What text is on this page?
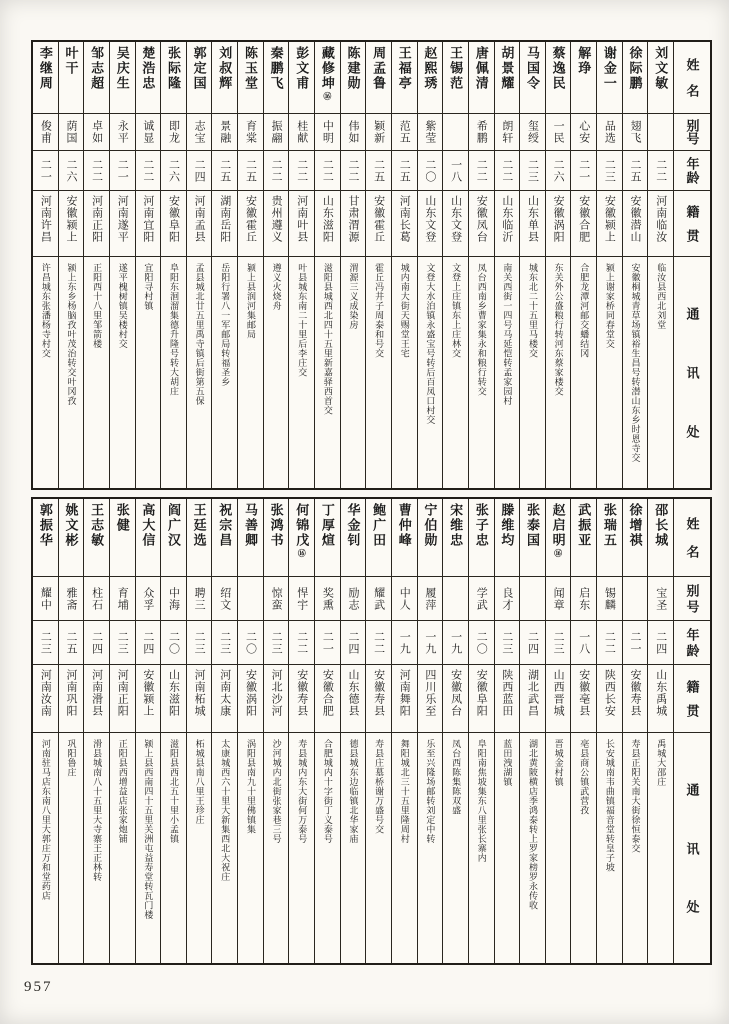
姓
名
别
号
年
龄
籍
贯
通
讯
处
刘文敏
二二
河南临汝
临汝县西北刘堂
徐际鹏
翅飞
二五
安徽潜山
安徽桐城青草场镇裕生昌号转潜山东乡时恩寺交
谢金一
品选
二三
安徽颍上
颍上谢家桥同春堂交
解琤
心安
二一
安徽合肥
合肥龙潭河邮交蟠结冈
蔡逸民
一民
二六
安徽涡阳
东关外公盛粮行转河东蔡家楼交
马国令
玺绶
二三
山东单县
城东北二十五里马楼交
胡景耀
朗轩
二二
山东临沂
南关西街一四号马延恺转孟家园村
唐佩清
希鹏
二二
安徽凤台
凤台西南乡曹家集永和粮行转交
王锡范
一八
山东文登
文登上庄镇东上庄林交
赵熙琇
紫莹
二〇
山东文登
文登大水泊镇永盛宝号转后百凤口村交
王福亭
范五
二五
河南长葛
城内南大街天赐堂王宅
周孟鲁
颖新
二五
安徽霍丘
霍丘冯井子周泰和号交
陈建勋
伟如
二二
甘肃渭源
渭源三义成染房
藏修坤
⑯
中明
二二
山东滋阳
滋阳县城西北四十五里新嘉驿西首交
彭文甫
桂献
二二
河南叶县
叶县城东南二十里后李庄交
秦鹏飞
振翮
二二
贵州遵义
遵义火烧舟
陈玉堂
育棠
二五
安徽霍丘
颍上县润河集邮局
刘叔辉
景融
二五
湖南岳阳
岳阳行署八一军邮局转福圣乡
郭定国
志宝
二四
河南孟县
孟县城北廿五里禹寺镇后街第五保
张际隆
即龙
二六
安徽阜阳
阜阳东洄溜集德升隆号转大胡庄
楚浩忠
诚显
二二
河南宜阳
宜阳寻村镇
吴庆生
永平
二一
河南遂平
遂平槐树镇吴楼村交
邹志超
卓如
二二
河南正阳
正阳西十八里邹箭楼
叶干
荫国
二六
安徽颍上
颍上东乡杨脑孜叶茂治转交叶冈孜
李继周
俊甫
二一
河南许昌
许昌城东张潘杨寺村交
姓
名
别
号
年
龄
籍
贯
通
讯
处
邵长城
宝圣
二四
山东禹城
禹城大邵庄
徐增祺
二一
安徽寿县
寿县正阳关南大街徐恒泰交
张瑞五
锡麟
二二
陕西长安
长安城南韦曲镇福音堂转皇子坡
武振亚
启东
一八
安徽亳县
亳县商公镇武营孜
赵启明
⑯
闻章
二三
山西晋城
晋城金村镇
张泰国
二四
湖北武昌
湖北黄陂横店季鸿泰转上罗家榜罗永传收
滕维均
良才
二三
陕西蓝田
蓝田洩湖镇
张子忠
学武
二〇
安徽阜阳
阜阳南焦坡集东八里张长寨内
宋维忠
一九
安徽凤台
凤台西陈集陈双盛
宁伯勋
履萍
一九
四川乐至
乐至兴隆场邮转刘定中转
曹仲峰
中人
一九
河南舞阳
舞阳城北三十五里隆周村
鲍广田
耀武
二二
安徽寿县
寿县庄墓桥谢万盛号交
华金钊
励志
二四
山东德县
德县城东边临镇北华家庙
丁厚煊
奖熏
二一
安徽合肥
合肥城内十字街丁义泰号
何锦戊
⑯
悍宇
二二
安徽寿县
寿县城内东大街何万泰号
张鸿书
惊蛮
二三
河北沙河
沙河城内北街张家巷三号
马善卿
二〇
安徽涡阳
涡阳县南九十里佛镇集
祝宗昌
绍文
二三
河南太康
太康城西六十里大新集西北大祝庄
王廷选
聘三
二三
河南柘城
柘城县南八里王珍庄
阎广汉
中海
二〇
山东滋阳
滋阳县西北五十里小孟镇
高大信
众孚
二四
安徽颍上
颍上县西南四十五里关洲屯益寿堂转瓦门楼
张健
育埔
二三
河南正阳
正阳县西增益店张家炮铺
王志敏
柱石
二四
河南滑县
滑县城南八十五里大寺寨王正林转
姚文彬
雅斋
二五
河南巩阳
巩阳鲁庄
郭振华
耀中
二三
河南汝南
河南驻马店东南八里大郭庄万和堂药店
957
